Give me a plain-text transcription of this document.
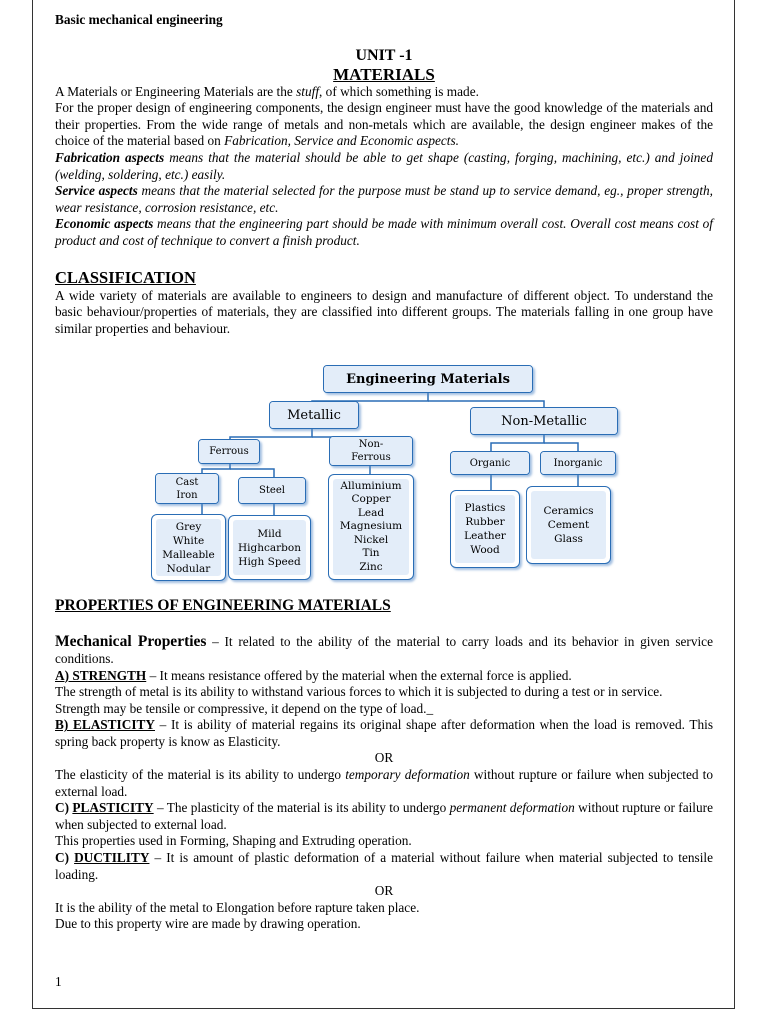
Basic mechanical engineering
UNIT -1
MATERIALS

A Materials or Engineering Materials are the stuff, of which something is made.

For the proper design of engineering components, the design engineer must have the good knowledge of the materials and their properties. From the wide range of metals and non-metals which are available, the design engineer makes of the choice of the material based on Fabrication, Service and Economic aspects.

Fabrication aspects means that the material should be able to get shape (casting, forging, machining, etc.) and joined (welding, soldering, etc.) easily.

Service aspects means that the material selected for the purpose must be stand up to service demand, eg., proper strength, wear resistance, corrosion resistance, etc.

Economic aspects means that the engineering part should be made with minimum overall cost. Overall cost means cost of product and cost of technique to convert a finish product.

CLASSIFICATION

A wide variety of materials are available to engineers to design and manufacture of different object. To understand the basic behaviour/properties of materials, they are classified into different groups. The materials falling in one group have similar properties and behaviour.

PROPERTIES OF ENGINEERING MATERIALS

Mechanical Properties – It related to the ability of the material to carry loads and its behavior in given service conditions.

A) STRENGTH – It means resistance offered by the material when the external force is applied.

The strength of metal is its ability to withstand various forces to which it is subjected to during a test or in service.

Strength may be tensile or compressive, it depend on the type of load._

B) ELASTICITY – It is ability of material regains its original shape after deformation when the load is removed. This spring back property is know as Elasticity.

OR

The elasticity of the material is its ability to undergo temporary deformation without rupture or failure when subjected to external load.

C) PLASTICITY – The plasticity of the material is its ability to undergo permanent deformation without rupture or failure when subjected to external load.

This properties used in Forming, Shaping and Extruding operation.

C) DUCTILITY – It is amount of plastic deformation of a material without failure when material subjected to tensile loading.

OR

It is the ability of the metal to Elongation before rapture taken place.

Due to this property wire are made by drawing operation.

Engineering Materials
Metallic	Non-Metallic
Ferrous
Non-
Ferrous	Organic	Inorganic
Cast
Iron	Steel
Grey
White
Malleable
Nodular
Mild
Highcarbon
High Speed
Alluminium
Copper
Lead
Magnesium
Nickel
Tin
Zinc
Plastics
Rubber
Leather
Wood
Ceramics
Cement
Glass
1
